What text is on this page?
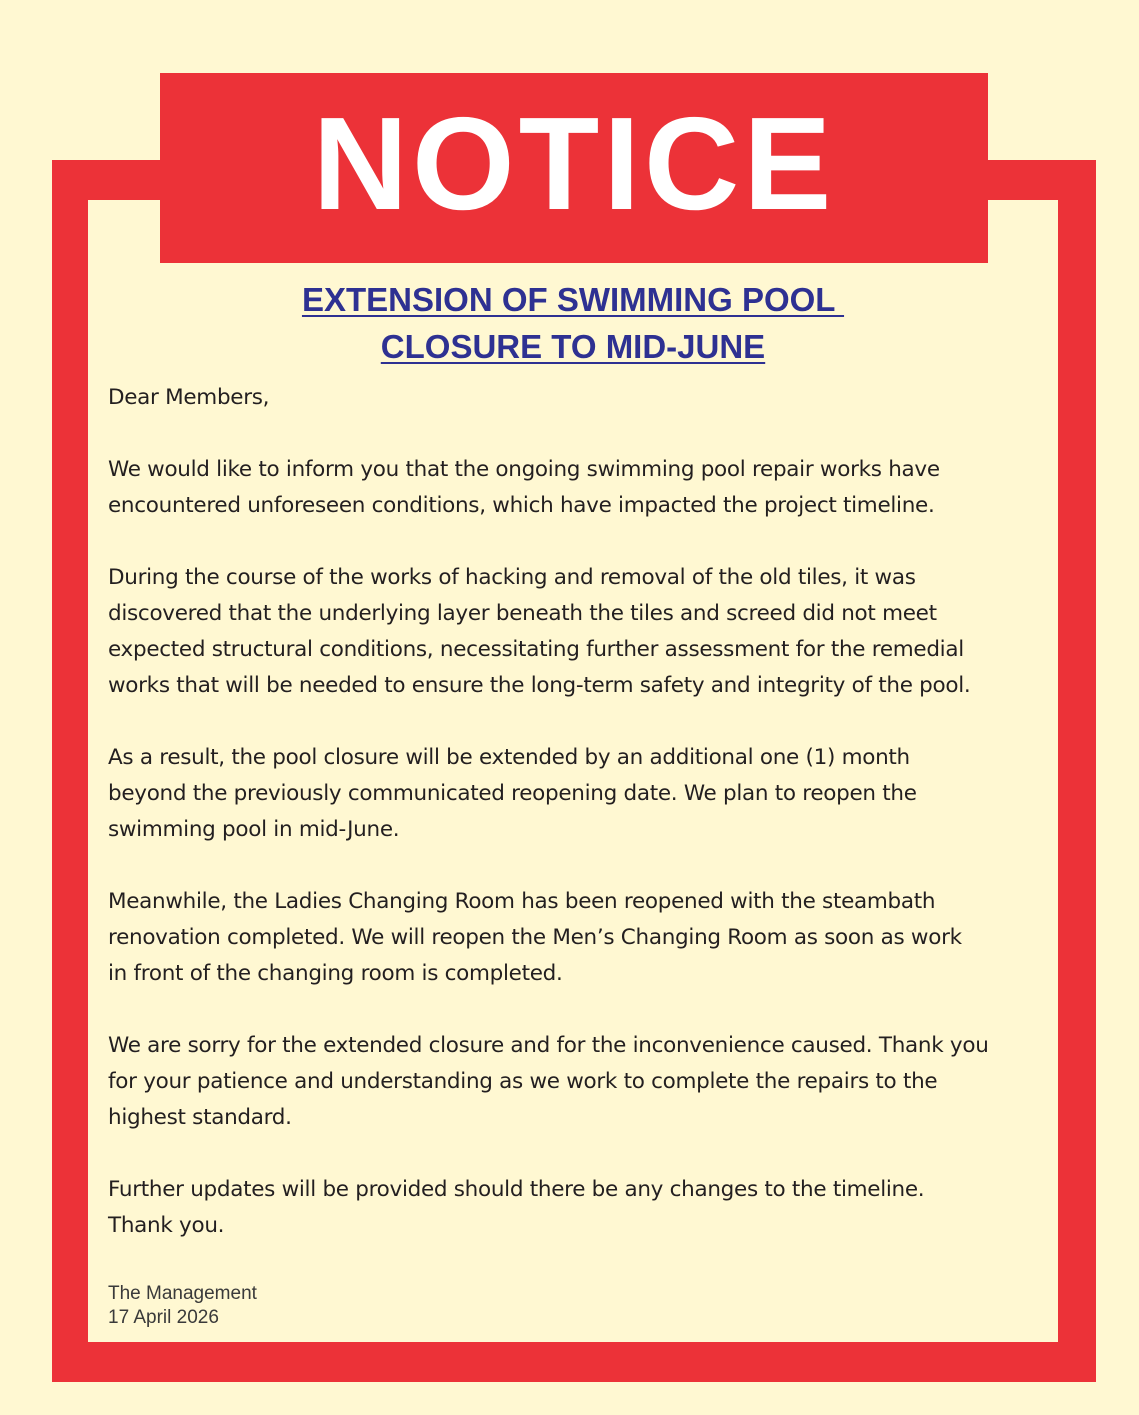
NOTICE
EXTENSION OF SWIMMING POOL
CLOSURE TO MID-JUNE

Dear Members,

We would like to inform you that the ongoing swimming pool repair works have
encountered unforeseen conditions, which have impacted the project timeline.

During the course of the works of hacking and removal of the old tiles, it was
discovered that the underlying layer beneath the tiles and screed did not meet
expected structural conditions, necessitating further assessment for the remedial
works that will be needed to ensure the long-term safety and integrity of the pool.

As a result, the pool closure will be extended by an additional one (1) month
beyond the previously communicated reopening date. We plan to reopen the
swimming pool in mid-June.

Meanwhile, the Ladies Changing Room has been reopened with the steambath
renovation completed. We will reopen the Men’s Changing Room as soon as work
in front of the changing room is completed.

We are sorry for the extended closure and for the inconvenience caused. Thank you
for your patience and understanding as we work to complete the repairs to the
highest standard.

Further updates will be provided should there be any changes to the timeline.
Thank you.

The Management
17 April 2026
